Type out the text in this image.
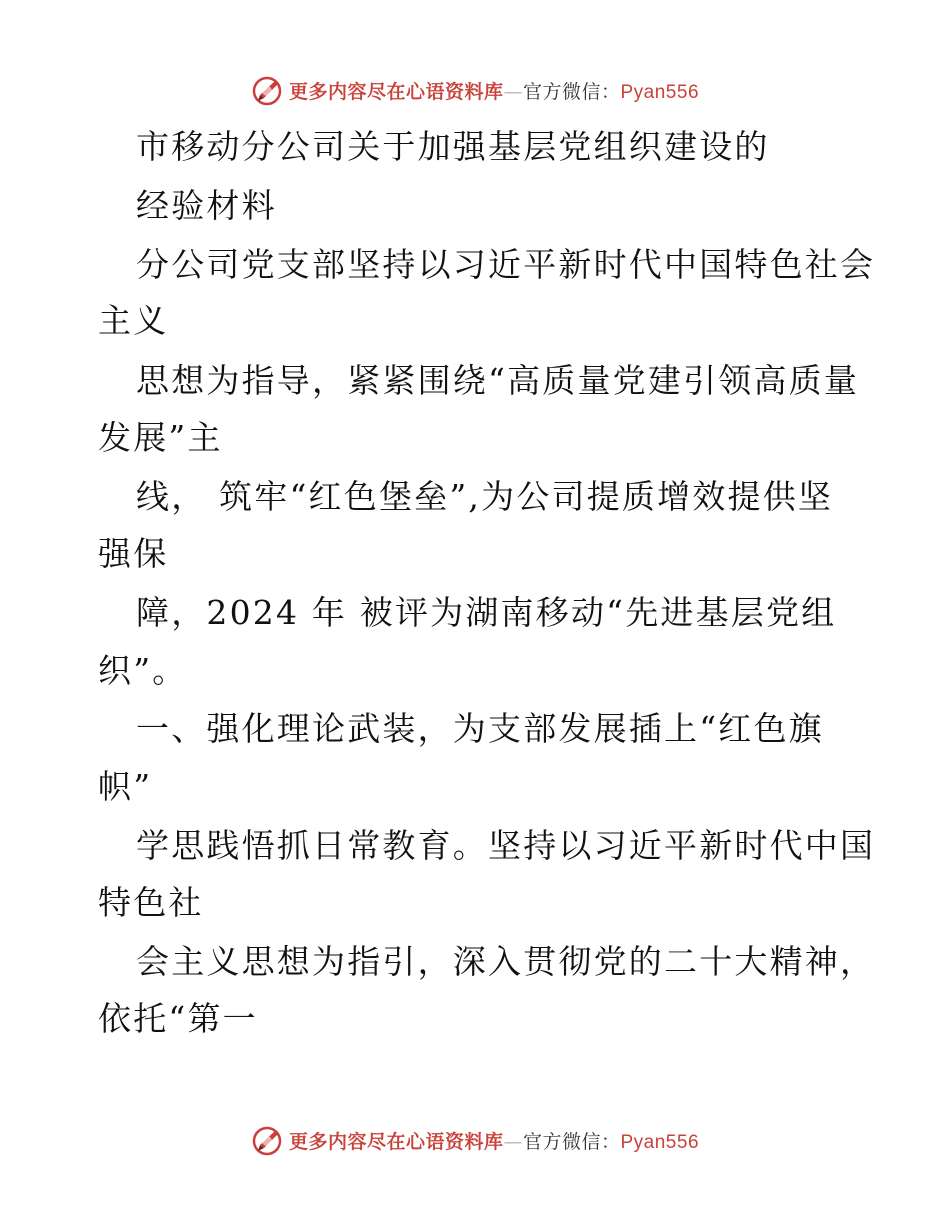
更多内容尽在心语资料库—官方微信：Pyan556
市移动分公司关于加强基层党组织建设的
经验材料
分公司党支部坚持以习近平新时代中国特色社会
主义
思想为指导，紧紧围绕“高质量党建引领高质量
发展”主
线， 筑牢“红色堡垒”,为公司提质增效提供坚
强保
障，2024 年 被评为湖南移动“先进基层党组
织”。
一、强化理论武装，为支部发展插上“红色旗
帜”
学思践悟抓日常教育。坚持以习近平新时代中国
特色社
会主义思想为指引，深入贯彻党的二十大精神，
依托“第一
更多内容尽在心语资料库—官方微信：Pyan556
